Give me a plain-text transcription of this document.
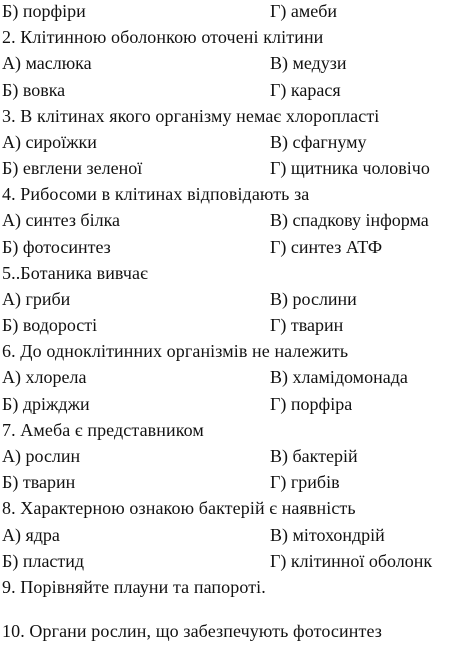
Б) порфіри	Г) амеби
2. Клітинною оболонкою оточені клітини
А) маслюка	В) медузи
Б) вовка	Г) карася
3. В клітинах якого організму немає хлоропласті
А) сироїжки	В) сфагнуму
Б) евглени зеленої	Г) щитника чоловічо
4. Рибосоми в клітинах відповідають за
А) синтез білка	В) спадкову інформа
Б) фотосинтез	Г) синтез АТФ
5..Ботаника вивчає
А) гриби	В) рослини
Б) водорості	Г) тварин
6. До одноклітинних організмів не належить
А) хлорела	В) хламідомонада
Б) дріжджи	Г) порфіра
7. Амеба є представником
А) рослин	В) бактерій
Б) тварин	Г) грибів
8. Характерною ознакою бактерій є наявність
А) ядра	В) мітохондрій
Б) пластид	Г) клітинної оболонк
9. Порівняйте плауни та папороті.
10. Органи рослин, що забезпечують фотосинтез
